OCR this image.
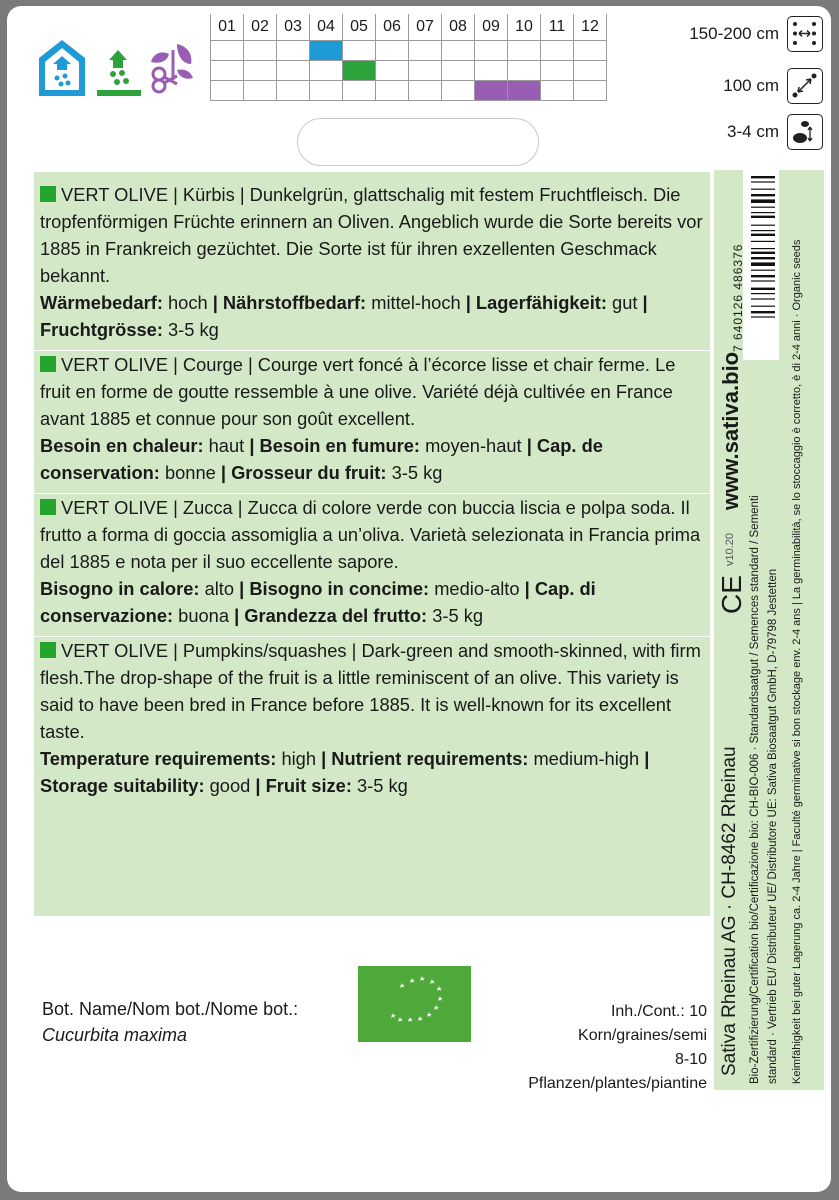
01	02	03	04	05	06	07	08	09	10	11	12

												150-200 cm
100 cm
3-4 cm
VERT OLIVE | Kürbis | Dunkelgrün, glattschalig mit festem Fruchtfleisch. Die tropfenförmigen Früchte erinnern an Oliven. Angeblich wurde die Sorte bereits vor 1885 in Frankreich gezüchtet. Die Sorte ist für ihren exzellenten Geschmack bekannt.
Wärmebedarf: hoch | Nährstoffbedarf: mittel-hoch | Lagerfähigkeit: gut | Fruchtgrösse: 3-5 kg
VERT OLIVE | Courge | Courge vert foncé à l’écorce lisse et chair ferme. Le fruit en forme de goutte ressemble à une olive. Variété déjà cultivée en France avant 1885 et connue pour son goût excellent.
Besoin en chaleur: haut | Besoin en fumure: moyen-haut | Cap. de conservation: bonne | Grosseur du fruit: 3-5 kg
VERT OLIVE | Zucca | Zucca di colore verde con buccia liscia e polpa soda. Il frutto a forma di goccia assomiglia a un’oliva. Varietà selezionata in Francia prima del 1885 e nota per il suo eccellente sapore.
Bisogno in calore: alto | Bisogno in concime: medio-alto | Cap. di conservazione: buona | Grandezza del frutto: 3-5 kg
VERT OLIVE | Pumpkins/squashes | Dark-green and smooth-skinned, with firm flesh.The drop-shape of the fruit is a little reminiscent of an olive. This variety is said to have been bred in France before 1885. It is well-known for its excellent taste.
Temperature requirements: high | Nutrient requirements: medium-high | Storage suitability: good | Fruit size: 3-5 kg
Bot. Name/Nom bot./Nome bot.:
Cucurbita maxima
Inh./Cont.: 10 Korn/graines/semi
8-10 Pflanzen/plantes/piantine
Sativa Rheinau AG · CH-8462 Rheinau Bio-Zertifizierung/Certification bio/Certificazione bio: CH-BIO-006 · Standardsaatgut / Semences standard / Sementi standard · Vertrieb EU/ Distributeur UE/ Distributore UE: Sativa Biosaatgut GmbH, D-79798 Jestetten Keimfähigkeit bei guter Lagerung ca. 2-4 Jahre | Faculté germinative si bon stockage env. 2-4 ans | La germinabilità, se lo stoccaggio è corretto, è di 2-4 anni · Organic seeds
www.sativa.bio
v10.20
CE
7 640126 486376
